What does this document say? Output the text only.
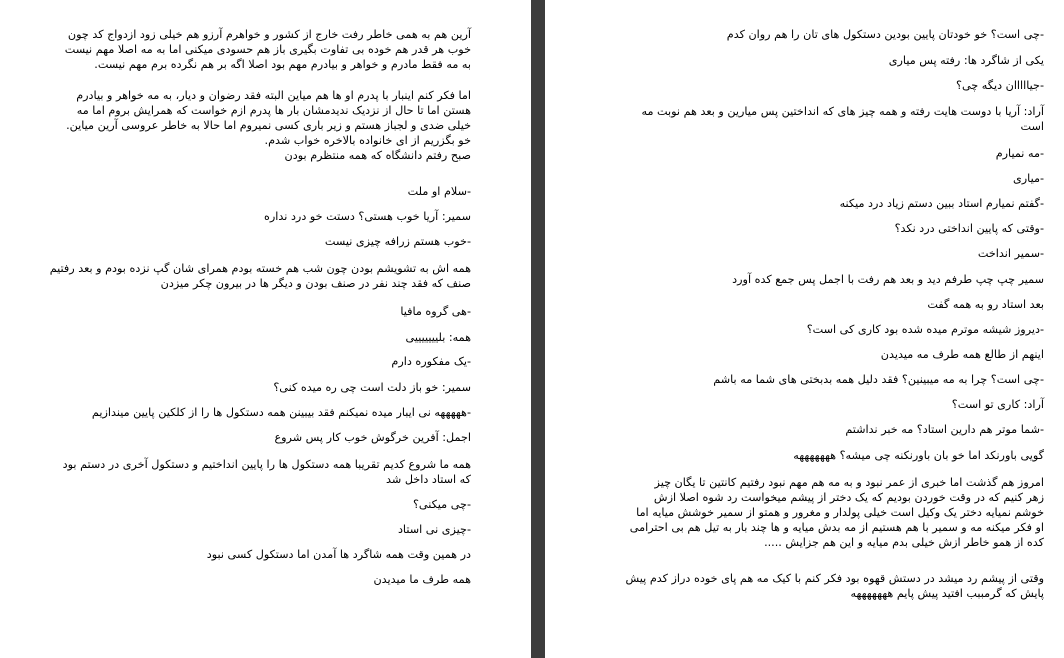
آرین هم به همی خاطر رفت خارج از کشور و خواهرم آرزو هم خیلی زود ازدواج کد چون
خوب هر قدر هم خوده بی تفاوت بگیری باز هم حسودی میکنی اما به مه اصلا مهم نیست
به مه فقط مادرم و خواهر و بیادرم مهم بود اصلا اگه بر هم نگرده برم مهم نیست.
اما فکر کنم اینبار با پدرم او ها هم میاین البته فقد رضوان و دیار، به مه خواهر و بیادرم
هستن اما تا حال از نزدیک ندیدمشان بار ها پدرم ازم خواست که همرایش بروم اما مه
خیلی ضدی و لجباز هستم و زیر باری کسی نمیروم اما حالا به خاطر عروسی آرین میاین.
خو بگزریم از ای خانواده بالاخره خواب شدم.
صبح رفتم دانشگاه که همه منتظرم بودن
-سلام او ملت
سمیر: آریا خوب هستی؟ دستت خو درد نداره
-خوب هستم زرافه چیزی نیست
همه اش به تشویشم بودن چون شب هم خسته بودم همرای شان گپ نزده بودم و بعد رفتیم
صنف که فقد چند نفر در صنف بودن و دیگر ها در بیرون چکر میزدن
-هی گروه مافیا
همه: بلیییییییی
-یک مفکوره دارم
سمیر: خو باز دلت است چی ره میده کنی؟
-هههههه نی ایبار میده نمیکنم فقد بیبینن همه دستکول ها را از کلکین پایین میندازیم
اجمل: آفرین خرگوش خوب کار پس شروع
همه ما شروع کدیم تقریبا همه دستکول ها را پایین انداختیم و دستکول آخری در دستم بود
که استاد داخل شد
-چی میکنی؟
-چیزی نی استاد
در همین وقت همه شاگرد ها آمدن اما دستکول کسی نبود
همه طرف ما میدیدن
-چی است؟ خو خودتان پایین بودین دستکول های تان را هم روان کدم
یکی از شاگرد ها: رفته پس میاری
-جیااااان دیگه چی؟
آراد: آریا با دوست هایت رفته و همه چیز های که انداختین پس میارین و بعد هم نوبت مه
است
-مه نمیارم
-میاری
-گفتم نمیارم استاد ببین دستم زیاد درد میکنه
-وقتی که پایین انداختی درد نکد؟
-سمیر انداخت
سمیر چپ چپ طرفم دید و بعد هم رفت با اجمل پس جمع کده آورد
بعد استاد رو به همه گفت
-دیروز شیشه موترم میده شده بود کاری کی است؟
اینهم از طالع همه طرف مه میدیدن
-چی است؟ چرا به مه میبینین؟ فقد دلیل همه بدبختی های شما مه باشم
آراد: کاری تو است؟
-شما موتر هم دارین استاد؟ مه خبر نداشتم
گویی باورنکد اما خو بان باورنکنه چی میشه؟ هههههههه
امروز هم گذشت اما خبری از عمر نبود و به مه هم مهم نبود رفتیم کانتین تا یگان چیز
زهر کنیم که در وقت خوردن بودیم که یک دختر از پیشم میخواست رد شوه اصلا ازش
خوشم نمیایه دختر یک وکیل است خیلی پولدار و مغرور و همتو از سمیر خوشش میایه اما
او فکر میکنه مه و سمیر با هم هستیم از مه بدش میایه و ها چند بار به تیل هم بی احترامی
کده از همو خاطر ازش خیلی بدم میایه و این هم جزایش .....
وقتی از پیشم رد میشد در دستش قهوه بود فکر کنم با کیک مه هم پای خوده دراز کدم پیش
پایش که گرمببب افتید پیش پایم هههههههه
